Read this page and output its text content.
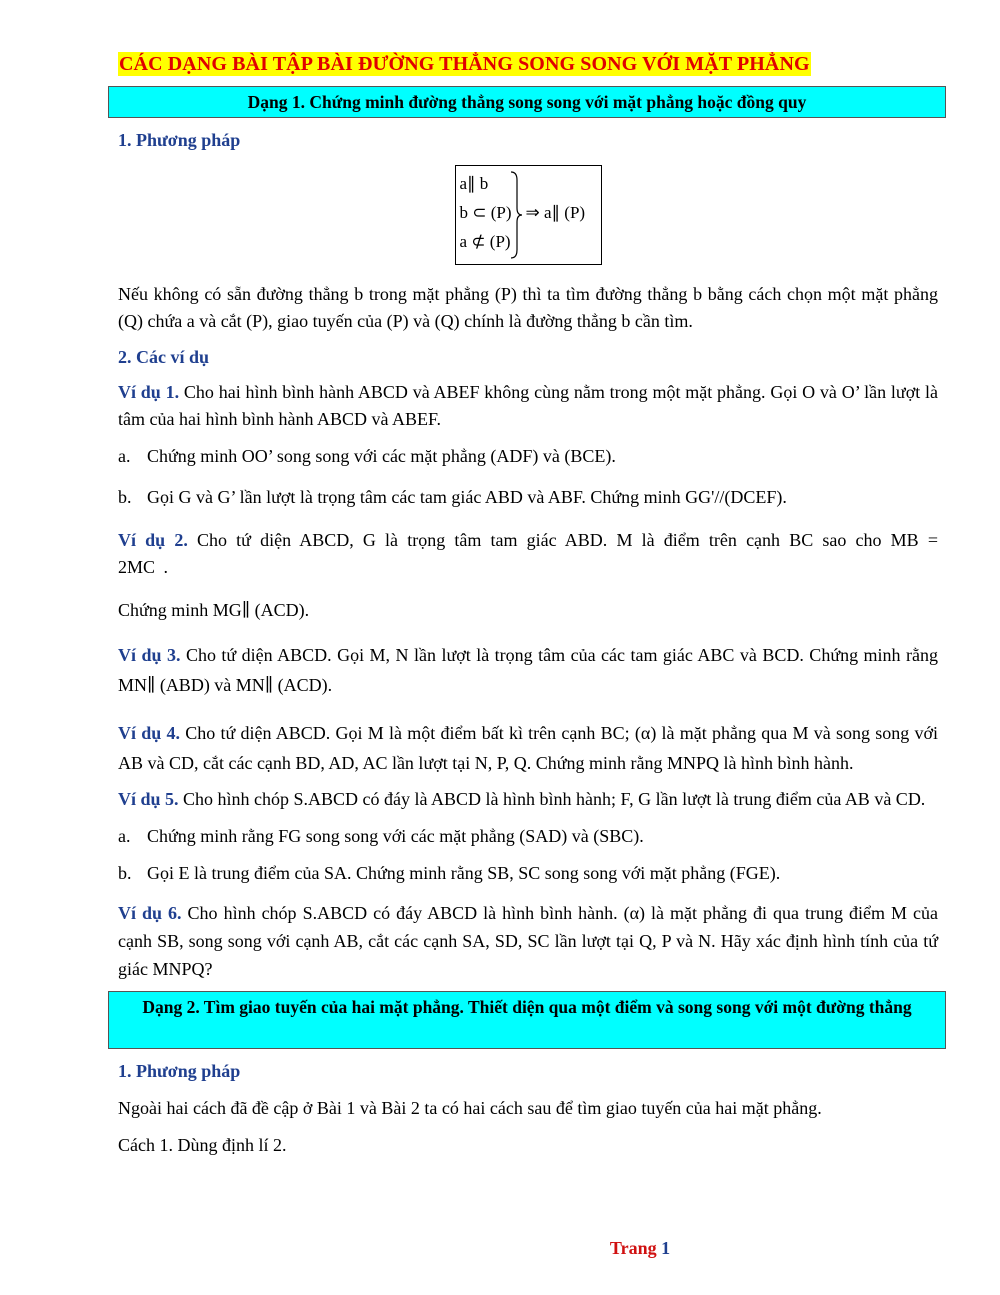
CÁC DẠNG BÀI TẬP BÀI ĐƯỜNG THẲNG SONG SONG VỚI MẶT PHẲNG
Dạng 1. Chứng minh đường thẳng song song với mặt phẳng hoặc đồng quy
1. Phương pháp
a∥ b
b ⊂ (P)
a ⊄ (P)
⇒ a∥ (P)
Nếu không có sẵn đường thẳng b trong mặt phẳng (P) thì ta tìm đường thẳng b bằng cách chọn một mặt phẳng (Q) chứa a và cắt (P), giao tuyến của (P) và (Q) chính là đường thẳng b cần tìm.
2. Các ví dụ
Ví dụ 1. Cho hai hình bình hành ABCD và ABEF không cùng nằm trong một mặt phẳng. Gọi O và O’ lần lượt là tâm của hai hình bình hành ABCD và ABEF.
a. Chứng minh OO’ song song với các mặt phẳng (ADF) và (BCE).
b. Gọi G và G’ lần lượt là trọng tâm các tam giác ABD và ABF. Chứng minh GG'//(DCEF).
Ví dụ 2. Cho tứ diện ABCD, G là trọng tâm tam giác ABD. M là điểm trên cạnh BC sao cho MB = 2MC .
Chứng minh MG∥ (ACD).
Ví dụ 3. Cho tứ diện ABCD. Gọi M, N lần lượt là trọng tâm của các tam giác ABC và BCD. Chứng minh rằng MN∥ (ABD) và MN∥ (ACD).
Ví dụ 4. Cho tứ diện ABCD. Gọi M là một điểm bất kì trên cạnh BC; (α) là mặt phẳng qua M và song song với AB và CD, cắt các cạnh BD, AD, AC lần lượt tại N, P, Q. Chứng minh rằng MNPQ là hình bình hành.
Ví dụ 5. Cho hình chóp S.ABCD có đáy là ABCD là hình bình hành; F, G lần lượt là trung điểm của AB và CD.
a. Chứng minh rằng FG song song với các mặt phẳng (SAD) và (SBC).
b. Gọi E là trung điểm của SA. Chứng minh rằng SB, SC song song với mặt phẳng (FGE).
Ví dụ 6. Cho hình chóp S.ABCD có đáy ABCD là hình bình hành. (α) là mặt phẳng đi qua trung điểm M của cạnh SB, song song với cạnh AB, cắt các cạnh SA, SD, SC lần lượt tại Q, P và N. Hãy xác định hình tính của tứ giác MNPQ?
Dạng 2. Tìm giao tuyến của hai mặt phẳng. Thiết diện qua một điểm và song song với một đường thẳng
1. Phương pháp
Ngoài hai cách đã đề cập ở Bài 1 và Bài 2 ta có hai cách sau để tìm giao tuyến của hai mặt phẳng.
Cách 1. Dùng định lí 2.
Trang 1
